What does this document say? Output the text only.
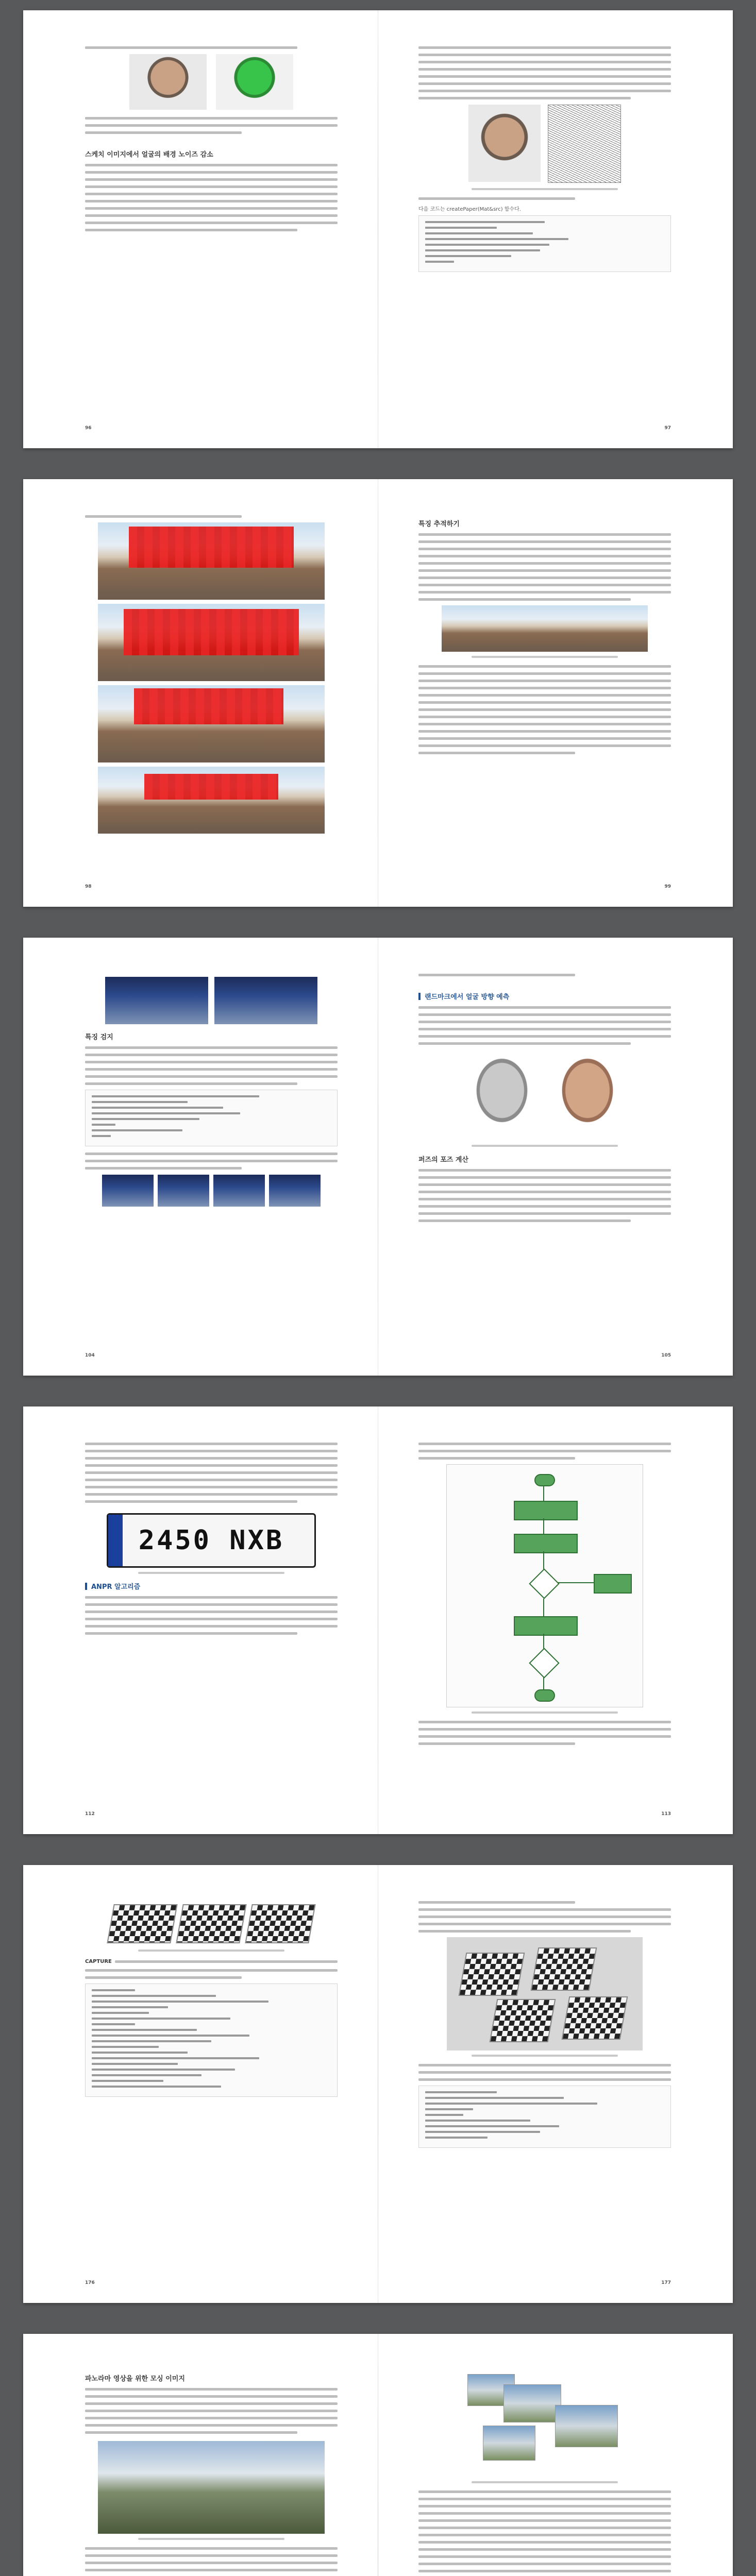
스케치 이미지에서 얼굴의 배경 노이즈 감소
96
다음 코드는 createPaper(Mat&src) 함수다.
97
98
특징 추적하기
99
특징 검지
104
랜드마크에서 얼굴 방향 예측
퍼즈의 포즈 계산
105
2450 NXB
ANPR 알고리즘
112	113
CAPTURE
176	177
파노라마 영상을 위한 모싱 이미지
